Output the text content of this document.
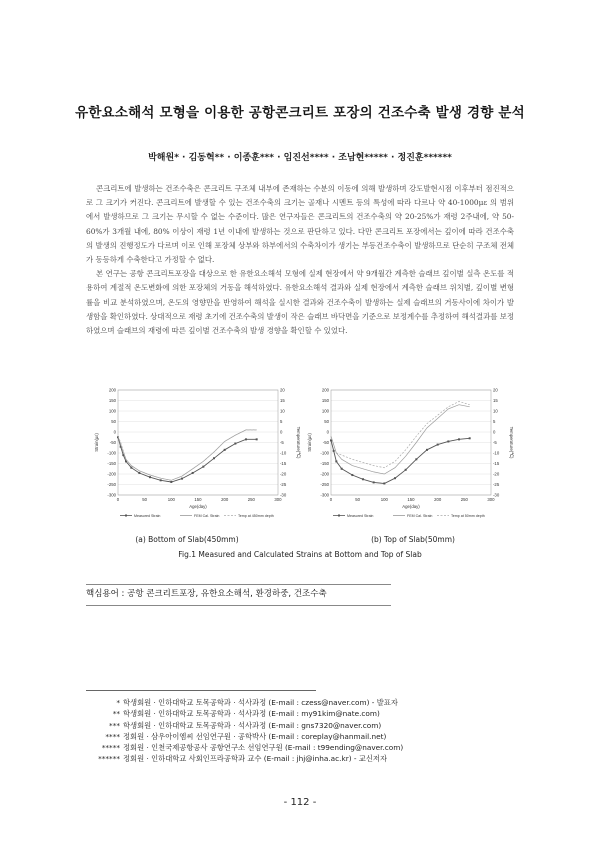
유한요소해석 모형을 이용한 공항콘크리트 포장의 건조수축 발생 경향 분석
박해원* · 김동혁** · 이종훈*** · 임진선**** · 조남현***** · 정진훈******

콘크리트에 발생하는 건조수축은 콘크리트 구조체 내부에 존재하는 수분의 이동에 의해 발생하며 강도발현시점 이후부터 점진적으로 그 크기가 커진다. 콘크리트에 발생할 수 있는 건조수축의 크기는 골재나 시멘트 등의 특성에 따라 다르나 약 40-1000με 의 범위에서 발생하므로 그 크기는 무시할 수 없는 수준이다. 많은 연구자들은 콘크리트의 건조수축의 약 20-25%가 재령 2주내에, 약 50-60%가 3개월 내에, 80% 이상이 재령 1년 이내에 발생하는 것으로 판단하고 있다. 다만 콘크리트 포장에서는 깊이에 따라 건조수축의 발생의 진행정도가 다르며 이로 인해 포장체 상부와 하부에서의 수축차이가 생기는 부등건조수축이 발생하므로 단순히 구조체 전체가 동등하게 수축한다고 가정할 수 없다.

본 연구는 공항 콘크리트포장을 대상으로 한 유한요소해석 모형에 실제 현장에서 약 9개월간 계측한 슬래브 깊이별 실측 온도를 적용하여 계절적 온도변화에 의한 포장체의 거동을 해석하였다. 유한요소해석 결과와 실제 현장에서 계측한 슬래브 위치별, 깊이별 변형률을 비교 분석하였으며, 온도의 영향만을 반영하여 해석을 실시한 결과와 건조수축이 발생하는 실제 슬래브의 거동사이에 차이가 발생함을 확인하였다. 상대적으로 재령 초기에 건조수축의 발생이 작은 슬래브 바닥면을 기준으로 보정계수를 추정하여 해석결과를 보정하였으며 슬래브의 재령에 따른 깊이별 건조수축의 발생 경향을 확인할 수 있었다.

200
150
100
50
0
-50
-100
-150
-200
-250
-300
20
15
10
5
0
-5
-10
-15
-20
-25
-30
0	50	100	150	200	250	300
Age(day)
Strain(με)	Temperature(℃)
Measured Strain	FEM Cal. Strain	Temp at 450mm depth
200
150
100
50
0
-50
-100
-150
-200
-250
-300
20
15
10
5
0
-5
-10
-15
-20
-25
-30
0	50	100	150	200	250	300
Age(day)
Strain(με)	Temperature(℃)
Measured Strain	FEM Cal. Strain	Temp at 50mm depth
(a) Bottom of Slab(450mm)	(b) Top of Slab(50mm)
Fig.1 Measured and Calculated Strains at Bottom and Top of Slab
핵심용어 : 공항 콘크리트포장, 유한요소해석, 환경하중, 건조수축
* 학생회원 · 인하대학교 토목공학과 · 석사과정 (E-mail : czess@naver.com) - 발표자
** 학생회원 · 인하대학교 토목공학과 · 석사과정 (E-mail : my91kim@nate.com)
*** 학생회원 · 인하대학교 토목공학과 · 석사과정 (E-mail : gns7320@naver.com)
**** 정회원 · 삼우아이엠씨 선임연구원 · 공학박사 (E-mail : coreplay@hanmail.net)
***** 정회원 · 인천국제공항공사 공항연구소 선임연구원 (E-mail : t99ending@naver.com)
****** 정회원 · 인하대학교 사회인프라공학과 교수 (E-mail : jhj@inha.ac.kr) - 교신저자
- 112 -
